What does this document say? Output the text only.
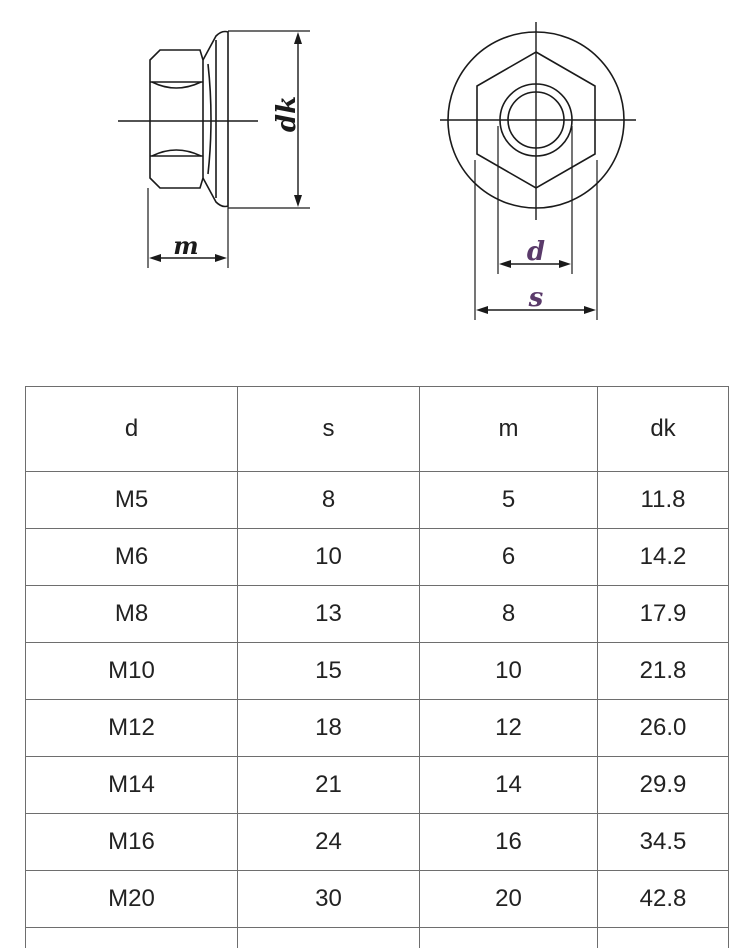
dk
m	d
s
d	s	m	dk
M5	8	5	11.8
M6	10	6	14.2
M8	13	8	17.9
M10	15	10	21.8
M12	18	12	26.0
M14	21	14	29.9
M16	24	16	34.5
M20	30	20	42.8
